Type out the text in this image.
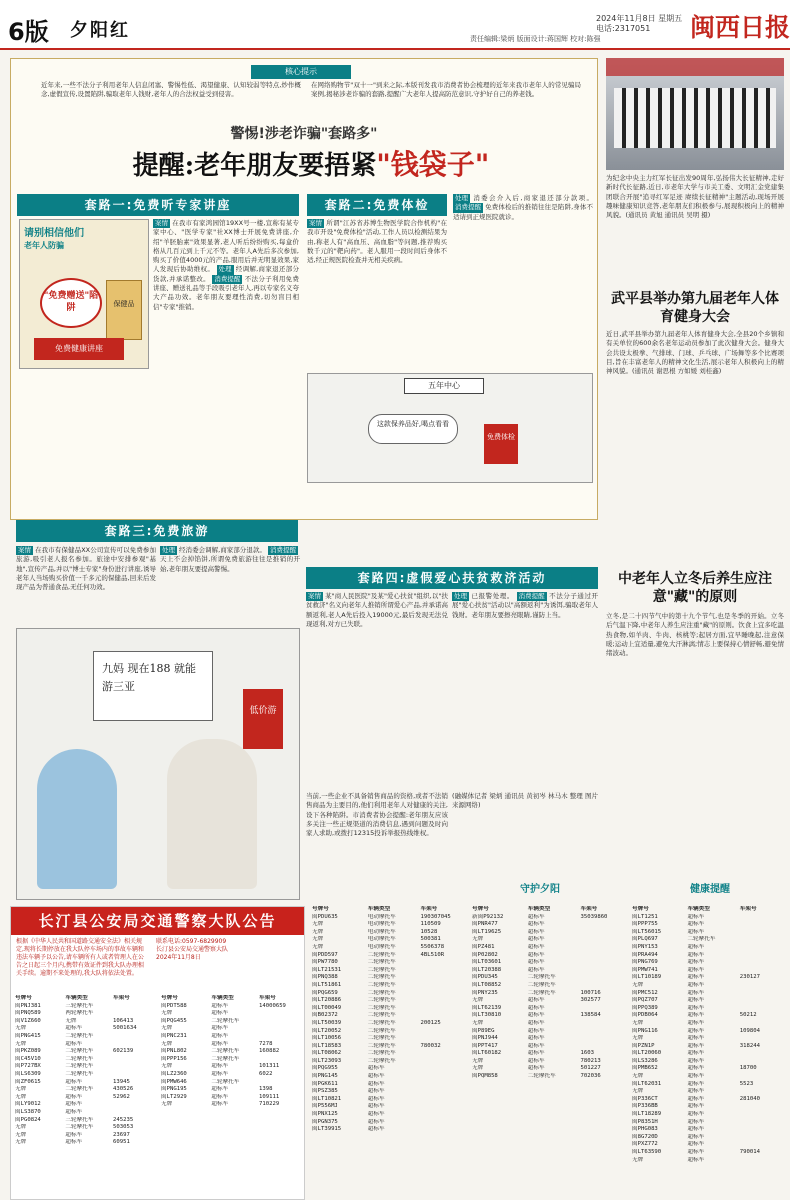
6版 夕阳红
2024年11月8日 星期五
电话:2317051
责任编辑:梁炳 版面设计:蒋国辉 校对:陈强	闽西日报
核心提示
近年来,一些不法分子利用老年人信息闭塞、警惕性低、渴望健康、认知较弱等特点,炒作概念,虚假宣传,设置陷阱,骗取老年人钱财,老年人的合法权益受到侵害。
在网络购物节"双十一"到来之际,本版刊发我市消费者协会梳理的近年来我市老年人的常见骗局案例,揭秘涉老诈骗的套路,提醒广大老年人提高防范意识,守护好自己的养老钱。
警惕!涉老诈骗"套路多"
提醒:老年朋友要捂紧"钱袋子"
套路一:免费听专家讲座
请别相信他们
老年人防骗
"免费赠送"陷阱	保健品
免费健康讲座
案情 在我市有家鸿园馆19XX号一楼,宣称有某专家中心、"医学专家"社XX博士开展免费讲座,介绍"羊胚胎素"效果显著,老人听后纷纷购买,每盒价格从几百元到上千元不等。老年人A先后多次参加,购买了价值4000元的产品,服用后并无明显效果,家人发现后协助维权。 处理 经调解,商家退还部分货款,并承诺整改。 消费提醒 不法分子利用免费讲座、赠送礼品等手段吸引老年人,再以专家名义夸大产品功效。老年朋友要理性消费,切勿盲目相信"专家"推销。
套路二:免费体检
案情 所谓"江苏省苏博生物医学院合作机构"在我市开设"免费体检"活动,工作人员以检测结果为由,称老人有"高血压、高血脂"等问题,推荐购买数千元的"靶向药"。老人服用一段时间后身体不适,经正规医院检查并无相关疾病。
处理 消委会介入后,商家退还部分款项。 消费提醒 免费体检后的推销往往是陷阱,身体不适请到正规医院就诊。
五年中心
这款保养品好,喝点看看
免费体检
套路三:免费旅游
案情 在我市有保健品XX公司宣传可以免费参加旅游,吸引老人报名参加。旅途中安排参观"基地",宣传产品,并以"博士专家"身份进行讲座,诱导老年人当场购买价值一千多元的保健品,回来后发现产品为普通食品,无任何功效。
处理 经消委会调解,商家部分退款。 消费提醒天上不会掉馅饼,所谓免费旅游往往是推销的开始,老年朋友要提高警惕。
九妈 现在188 就能游三亚
低价游
套路四:虚假爱心扶贫救济活动
案情 某"商人民医院"及某"爱心扶贫"组织,以"扶贫救济"名义向老年人推销所谓爱心产品,并承诺高额返利,老人A先后投入19000元,最后发现无法兑现返利,对方已失联。
处理 已报警处理。 消费提醒 不法分子通过开展"爱心扶贫"活动以"高额返利"为诱饵,骗取老年人钱财。老年朋友要擦亮眼睛,谨防上当。
当前,一些企业不具备销售商品的资格,或者不法销售商品为主要目的,他们利用老年人对健康的关注,设下各种陷阱。市消费者协会提醒:老年朋友应该多关注一些正规渠道的消费信息,遇到问题及时向家人求助,或拨打12315投诉举报热线维权。
(融媒体记者 梁炳 通讯员 黄初岑 林马木 整理 图片来源网络)
守护夕阳
为纪念中央主力红军长征出发90周年,弘扬伟大长征精神,走好新时代长征路,近日,市老年大学与市关工委、文明汇金党建集团联合开展"追寻红军足迹 赓续长征精神"主题活动,现场开展趣味健康知识竞答,老年朋友们积极参与,展现积极向上的精神风貌。(通讯员 黄旭 通讯员 吴明 摄)
武平县举办第九届老年人体育健身大会
近日,武平县举办第九届老年人体育健身大会,全县20个乡镇和有关单位的600余名老年运动员参加了此次健身大会。健身大会共设太极拳、气排球、门球、乒乓球、广场舞等多个比赛项目,旨在丰富老年人的精神文化生活,展示老年人积极向上的精神风貌。(通讯员 谢思根 方如媛 刘桂鑫)
中老年人立冬后养生应注意"藏"的原则
立冬,是二十四节气中的第十九个节气,也是冬季的开始。立冬后气温下降,中老年人养生应注重"藏"的原则。饮食上宜多吃温热食物,如羊肉、牛肉、核桃等;起居方面,宜早睡晚起,注意保暖;运动上宜适量,避免大汗淋漓;情志上要保持心情舒畅,避免情绪波动。
健康提醒
长汀县公安局交通警察大队公告
根据《中华人民共和国道路交通安全法》相关规定,现将长期停放在我大队停车场内的事故车辆和违法车辆予以公告,请车辆所有人或者管理人在公告之日起三个月内,携带有效证件到我大队办理相关手续。逾期不来处理的,我大队将依法处置。
联系电话:0597-6829909
长汀县公安局交通警察大队
2024年11月8日
号牌号	车辆类型	车架号
闽PNJ381	三轮摩托车
闽PNQ589	两轮摩托车
闽V1Z660	无牌	106413
无牌	超标车	5001634
闽PNG415	二轮摩托车
无牌	超标车
闽PKZ089	二轮摩托车	602139
闽C45V10	二轮摩托车
闽P727BX	二轮摩托车
闽LS6309	二轮摩托车
闽ZF0615	超标车	13945
无牌	二轮摩托车	430526
无牌	超标车	52962
闽LY9012	超标车
闽LS3870	超标车
闽PG0824	三轮摩托车	245235
无牌	二轮摩托车	503053
无牌	超标车	23697
无牌	超标车	60951
号牌号	车辆类型	车架号
闽PDT588	超标车	14000659
无牌	超标车
闽PQG455	二轮摩托车
无牌	超标车
闽PNC231	超标车
无牌	超标车	7278
闽PNL802	二轮摩托车	160882
闽PPP156	二轮摩托车
无牌	超标车	101311
闽LZ2360	超标车	6022
闽PMW646	二轮摩托车
闽PNG195	超标车	1398
闽LT2929	超标车	109111
无牌	超标车	710229
号牌号	车辆类型	车架号
闽PDU635	电动摩托车	190307045
无牌	电动摩托车	110509
无牌	电动摩托车	10528
无牌	电动摩托车	500381
无牌	电动摩托车	5506378
闽PDD597	二轮摩托车	4BL510R
闽PW7780	二轮摩托车
闽LT21531	二轮摩托车
闽PNQ388	二轮摩托车
闽LT51861	二轮摩托车
闽PQG659	二轮摩托车
闽LT20886	二轮摩托车
闽LT00049	二轮摩托车
闽B02372	二轮摩托车
闽LT50039	二轮摩托车	200125
闽LT20052	二轮摩托车
闽LT10056	二轮摩托车
闽LT18583	二轮摩托车	780032
闽LT08062	二轮摩托车
闽LT23093	二轮摩托车
闽PQG955	超标车
闽PNG145	超标车
闽PGK611	超标车
闽PSZ385	超标车
闽LT10821	超标车
闽P556MJ	超标车
闽PNX125	超标车
闽PGN375	超标车
闽LT39915	超标车
号牌号	车辆类型	车架号
新闽P92132	超标车	35039860
闽PNR477	超标车
闽LT19625	超标车
无牌	超标车
闽PZ481	超标车
闽P02802	超标车
闽LT03601	超标车
闽LT20388	超标车
闽PDU345	二轮摩托车
闽LT08852	二轮摩托车
闽PNY235	二轮摩托车	100716
无牌	超标车	302577
闽LT62139	超标车
闽LT30810	超标车	138584
无牌	超标车
闽P89EG	超标车
闽PNJ944	超标车
闽PPT417	超标车
闽LT60182	超标车	1603
无牌	超标车	780213
无牌	超标车	501227
闽PQM858	二轮摩托车	702036
号牌号	车辆类型	车架号
闽LT1251	超标车
闽PPP755	超标车
闽LT56015	超标车
闽PLQ697	二轮摩托车
闽PNY153	超标车
闽PRA494	超标车
闽PNG769	超标车
闽PMW741	超标车
闽LT10189	超标车	230127
无牌	超标车
闽PMC512	超标车
闽PQZ707	超标车
闽PPQ389	超标车
闽PDB064	超标车	50212
无牌	超标车
闽PNG116	超标车	109804
无牌	超标车
闽PZN1P	超标车	318244
闽LT20060	超标车
闽LS3286	超标车
闽PMB652	超标车	18700
无牌	超标车
闽LT62031	超标车	5523
无牌	超标车
闽P336CT	超标车	281040
闽P336BB	超标车
闽LT18289	超标车
闽P8351H	超标车
闽PHG083	超标车
闽8G720D	超标车
闽PXZ772	超标车
闽LT63590	超标车	790014
无牌	超标车
